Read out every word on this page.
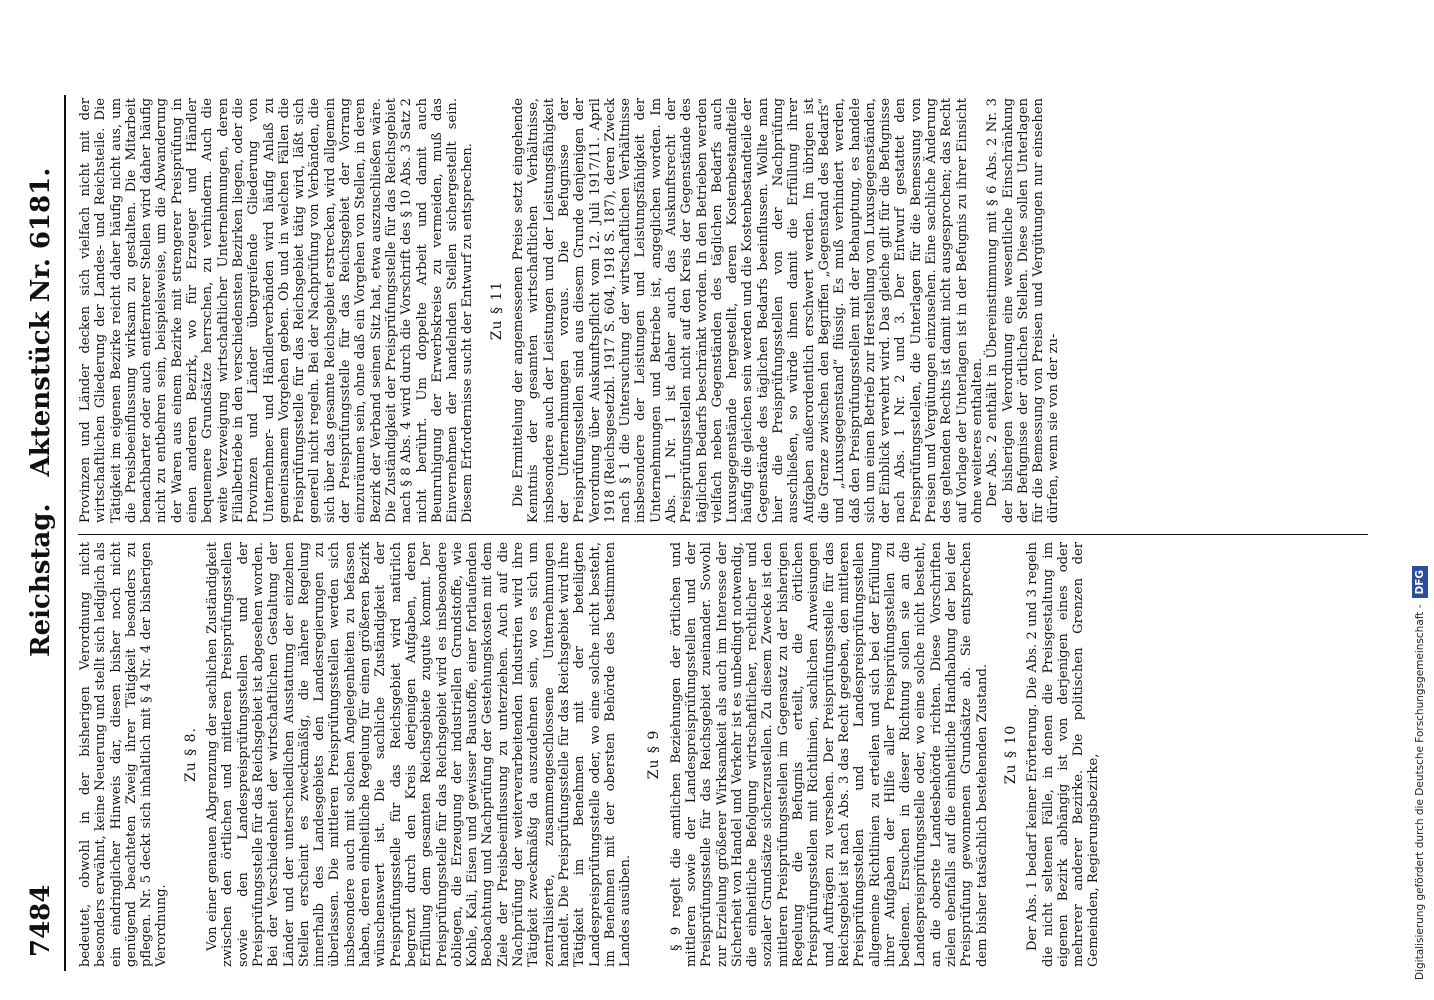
7484
Reichstag. Aktenstück Nr. 6181.

bedeutet, obwohl in der bisherigen Verordnung nicht besonders erwähnt, keine Neuerung und stellt sich lediglich als ein eindringlicher Hinweis dar, diesen bisher noch nicht genügend beachteten Zweig ihrer Tätigkeit besonders zu pflegen. Nr. 5 deckt sich inhaltlich mit § 4 Nr. 4 der bisherigen Verordnung.

Zu § 8. Von einer genauen Abgrenzung der sachlichen Zuständigkeit zwischen den örtlichen und mittleren Preisprüfungsstellen sowie den Landespreisprüfungsstellen und der Preisprüfungsstelle für das Reichsgebiet ist abgesehen worden. Bei der Verschiedenheit der wirtschaftlichen Gestaltung der Länder und der unterschiedlichen Ausstattung der einzelnen Stellen erscheint es zweckmäßig, die nähere Regelung innerhalb des Landesgebiets den Landesregierungen zu überlassen. Die mittleren Preisprüfungsstellen werden sich insbesondere auch mit solchen Angelegenheiten zu befassen haben, deren einheitliche Regelung für einen größeren Bezirk wünschenswert ist. Die sachliche Zuständigkeit der Preisprüfungsstelle für das Reichsgebiet wird natürlich begrenzt durch den Kreis derjenigen Aufgaben, deren Erfüllung dem gesamten Reichsgebiete zugute kommt. Der Preisprüfungsstelle für das Reichsgebiet wird es insbesondere obliegen, die Erzeugung der industriellen Grundstoffe, wie Kohle, Kali, Eisen und gewisser Baustoffe, einer fortlaufenden Beobachtung und Nachprüfung der Gestehungskosten mit dem Ziele der Preisbeeinflussung zu unterziehen. Auch auf die Nachprüfung der weiterverarbeitenden Industrien wird ihre Tätigkeit zweckmäßig da auszudehnen sein, wo es sich um zentralisierte, zusammengeschlossene Unternehmungen handelt. Die Preisprüfungsstelle für das Reichsgebiet wird ihre Tätigkeit im Benehmen mit der beteiligten Landespreisprüfungsstelle oder, wo eine solche nicht besteht, im Benehmen mit der obersten Behörde des bestimmten Landes ausüben.

Zu § 9 § 9 regelt die amtlichen Beziehungen der örtlichen und mittleren sowie der Landespreisprüfungsstellen und der Preisprüfungsstelle für das Reichsgebiet zueinander. Sowohl zur Erzielung größerer Wirksamkeit als auch im Interesse der Sicherheit von Handel und Verkehr ist es unbedingt notwendig, die einheitliche Befolgung wirtschaftlicher, rechtlicher und sozialer Grundsätze sicherzustellen. Zu diesem Zwecke ist den mittleren Preisprüfungsstellen im Gegensatz zu der bisherigen Regelung die Befugnis erteilt, die örtlichen Preisprüfungsstellen mit Richtlinien, sachlichen Anweisungen und Aufträgen zu versehen. Der Preisprüfungsstelle für das Reichsgebiet ist nach Abs. 3 das Recht gegeben, den mittleren Preisprüfungsstellen und Landespreisprüfungsstellen allgemeine Richtlinien zu erteilen und sich bei der Erfüllung ihrer Aufgaben der Hilfe aller Preisprüfungsstellen zu bedienen. Ersuchen in dieser Richtung sollen sie an die Landespreisprüfungsstelle oder, wo eine solche nicht besteht, an die oberste Landesbehörde richten. Diese Vorschriften zielen ebenfalls auf die einheitliche Handhabung der bei der Preisprüfung gewonnenen Grundsätze ab. Sie entsprechen dem bisher tatsächlich bestehenden Zustand. Zu § 10 Der Abs. 1 bedarf keiner Erörterung. Die Abs. 2 und 3 regeln die nicht seltenen Fälle, in denen die Preisgestaltung im eigenen Bezirk abhängig ist von derjenigen eines oder mehrerer anderer Bezirke. Die politischen Grenzen der Gemeinden, Regierungsbezirke,

Provinzen und Länder decken sich vielfach nicht mit der wirtschaftlichen Gliederung der Landes- und Reichsteile. Die Tätigkeit im eigenen Bezirke reicht daher häufig nicht aus, um die Preisbeeinflussung wirksam zu gestalten. Die Mitarbeit benachbarter oder auch entfernterer Stellen wird daher häufig nicht zu entbehren sein, beispielsweise, um die Abwanderung der Waren aus einem Bezirke mit strengerer Preisprüfung in einen anderen Bezirk, wo für Erzeuger und Händler bequemere Grundsätze herrschen, zu verhindern. Auch die weite Verzweigung wirtschaftlicher Unternehmungen, deren Filialbetriebe in den verschiedensten Bezirken liegen, oder die Provinzen und Länder übergreifende Gliederung von Unternehmer- und Händlerverbänden wird häufig Anlaß zu gemeinsamem Vorgehen geben. Ob und in welchen Fällen die Preisprüfungsstelle für das Reichsgebiet tätig wird, läßt sich generell nicht regeln. Bei der Nachprüfung von Verbänden, die sich über das gesamte Reichsgebiet erstrecken, wird allgemein der Preisprüfungsstelle für das Reichsgebiet der Vorrang einzuräumen sein, ohne daß ein Vorgehen von Stellen, in deren Bezirk der Verband seinen Sitz hat, etwa auszuschließen wäre. Die Zuständigkeit der Preisprüfungsstelle für das Reichsgebiet nach § 8 Abs. 4 wird durch die Vorschrift des § 10 Abs. 3 Satz 2 nicht berührt. Um doppelte Arbeit und damit auch Beunruhigung der Erwerbskreise zu vermeiden, muß das Einvernehmen der handelnden Stellen sichergestellt sein. Diesem Erfordernisse sucht der Entwurf zu entsprechen. Zu § 11 Die Ermittelung der angemessenen Preise setzt eingehende Kenntnis der gesamten wirtschaftlichen Verhältnisse, insbesondere auch der Leistungen und der Leistungsfähigkeit der Unternehmungen voraus. Die Befugnisse der Preisprüfungsstellen sind aus diesem Grunde denjenigen der Verordnung über Auskunftspflicht vom 12. Juli 1917/11. April 1918 (Reichsgesetzbl. 1917 S. 604, 1918 S. 187), deren Zweck nach § 1 die Untersuchung der wirtschaftlichen Verhältnisse insbesondere der Leistungen und Leistungsfähigkeit der Unternehmungen und Betriebe ist, angeglichen worden. Im Abs. 1 Nr. 1 ist daher auch das Auskunftsrecht der Preisprüfungsstellen nicht auf den Kreis der Gegenstände des täglichen Bedarfs beschränkt worden. In den Betrieben werden vielfach neben Gegenständen des täglichen Bedarfs auch Luxusgegenstände hergestellt, deren Kostenbestandteile häufig die gleichen sein werden und die Kostenbestandteile der Gegenstände des täglichen Bedarfs beeinflussen. Wollte man hier die Preisprüfungsstellen von der Nachprüfung ausschließen, so würde ihnen damit die Erfüllung ihrer Aufgaben außerordentlich erschwert werden. Im übrigen ist die Grenze zwischen den Begriffen „Gegenstand des Bedarfs“ und „Luxusgegenstand“ flüssig. Es muß verhindert werden, daß den Preisprüfungsstellen mit der Behauptung, es handele sich um einen Betrieb zur Herstellung von Luxusgegenständen, der Einblick verwehrt wird. Das gleiche gilt für die Befugnisse nach Abs. 1 Nr. 2 und 3. Der Entwurf gestattet den Preisprüfungsstellen, die Unterlagen für die Bemessung von Preisen und Vergütungen einzusehen. Eine sachliche Änderung des geltenden Rechts ist damit nicht ausgesprochen; das Recht auf Vorlage der Unterlagen ist in der Befugnis zu ihrer Einsicht ohne weiteres enthalten. Der Abs. 2 enthält in Übereinstimmung mit § 6 Abs. 2 Nr. 3 der bisherigen Verordnung eine wesentliche Einschränkung der Befugnisse der örtlichen Stellen. Diese sollen Unterlagen für die Bemessung von Preisen und Vergütungen nur einsehen dürfen, wenn sie von der zu-

Digitalisierung gefördert durch die Deutsche Forschungsgemeinschaft -DFG
